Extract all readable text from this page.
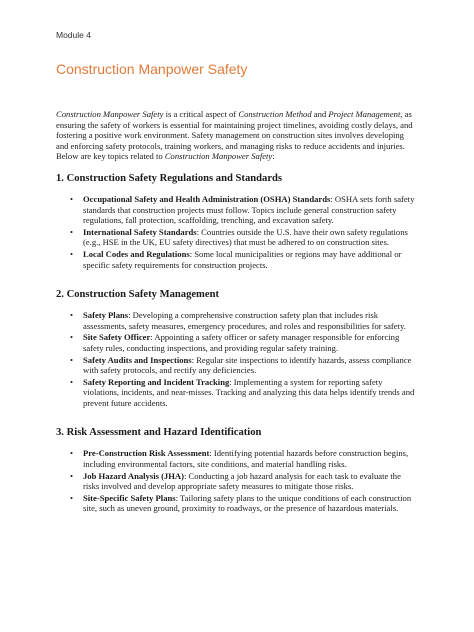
Module 4
Construction Manpower Safety

Construction Manpower Safety is a critical aspect of Construction Method and Project Management, as ensuring the safety of workers is essential for maintaining project timelines, avoiding costly delays, and fostering a positive work environment. Safety management on construction sites involves developing and enforcing safety protocols, training workers, and managing risks to reduce accidents and injuries. Below are key topics related to Construction Manpower Safety:

1. Construction Safety Regulations and Standards
• Occupational Safety and Health Administration (OSHA) Standards: OSHA sets forth safety standards that construction projects must follow. Topics include general construction safety regulations, fall protection, scaffolding, trenching, and excavation safety.
• International Safety Standards: Countries outside the U.S. have their own safety regulations (e.g., HSE in the UK, EU safety directives) that must be adhered to on construction sites.
• Local Codes and Regulations: Some local municipalities or regions may have additional or specific safety requirements for construction projects.
2. Construction Safety Management
• Safety Plans: Developing a comprehensive construction safety plan that includes risk assessments, safety measures, emergency procedures, and roles and responsibilities for safety.
• Site Safety Officer: Appointing a safety officer or safety manager responsible for enforcing safety rules, conducting inspections, and providing regular safety training.
• Safety Audits and Inspections: Regular site inspections to identify hazards, assess compliance with safety protocols, and rectify any deficiencies.
• Safety Reporting and Incident Tracking: Implementing a system for reporting safety violations, incidents, and near-misses. Tracking and analyzing this data helps identify trends and prevent future accidents.
3. Risk Assessment and Hazard Identification
• Pre-Construction Risk Assessment: Identifying potential hazards before construction begins, including environmental factors, site conditions, and material handling risks.
• Job Hazard Analysis (JHA): Conducting a job hazard analysis for each task to evaluate the risks involved and develop appropriate safety measures to mitigate those risks.
• Site-Specific Safety Plans: Tailoring safety plans to the unique conditions of each construction site, such as uneven ground, proximity to roadways, or the presence of hazardous materials.
